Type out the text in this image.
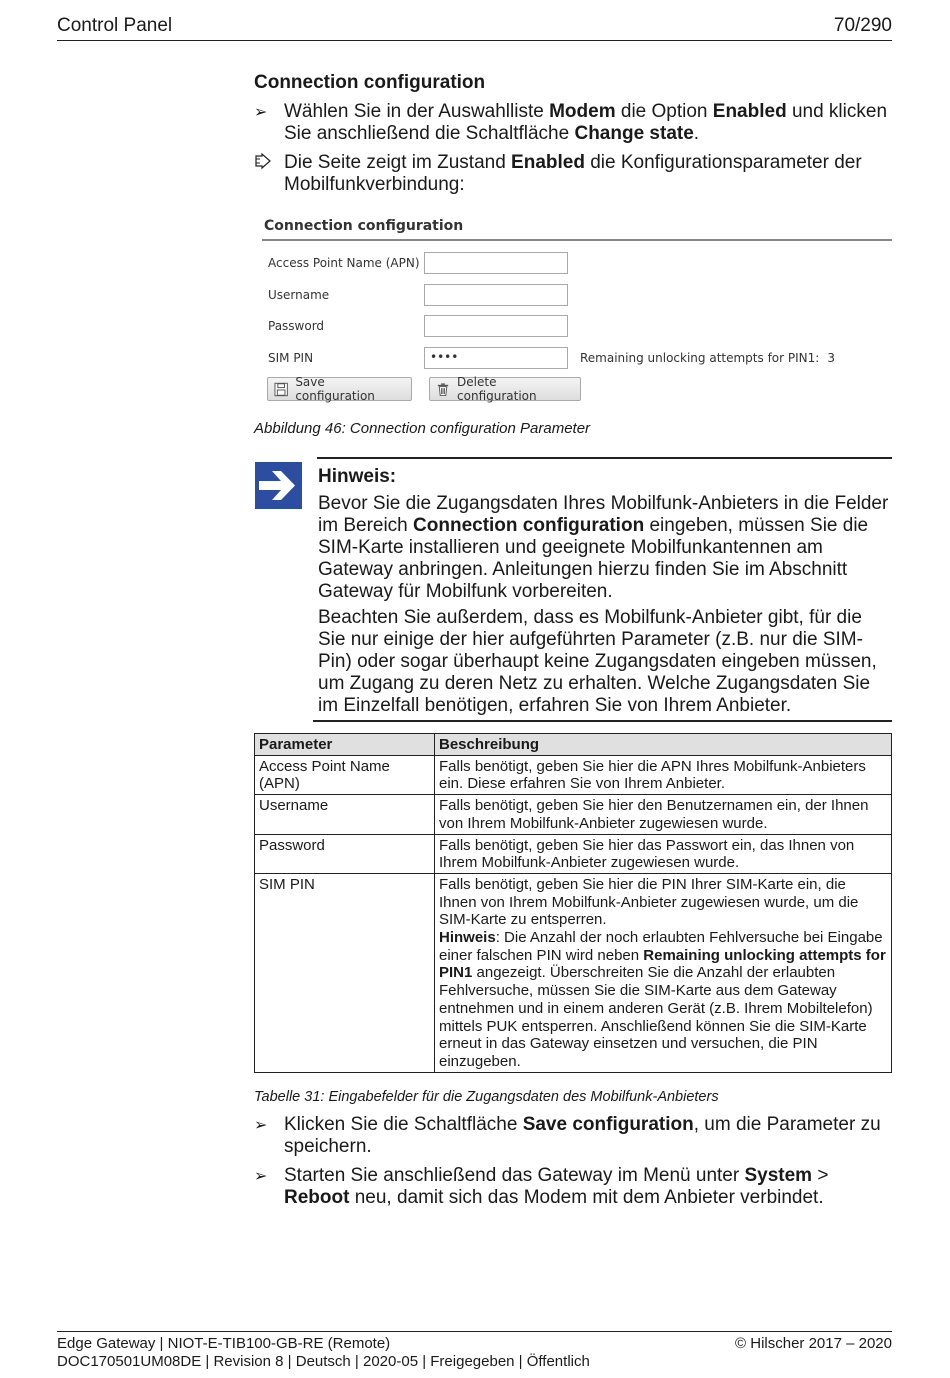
Control Panel	70/290
Connection configuration
➢ Wählen Sie in der Auswahlliste Modem die Option Enabled und klicken Sie anschließend die Schaltfläche Change state.
Die Seite zeigt im Zustand Enabled die Konfigurationsparameter der Mobilfunkverbindung:
Connection configuration
Access Point Name (APN)
Username
Password
SIM PIN	••••	Remaining unlocking attempts for PIN1: 3
Save configuration
Delete configuration
Abbildung 46: Connection configuration Parameter
Hinweis:

Bevor Sie die Zugangsdaten Ihres Mobilfunk-Anbieters in die Felder im Bereich Connection configuration eingeben, müssen Sie die SIM-Karte installieren und geeignete Mobilfunkantennen am Gateway anbringen. Anleitungen hierzu finden Sie im Abschnitt Gateway für Mobilfunk vorbereiten.

Beachten Sie außerdem, dass es Mobilfunk-Anbieter gibt, für die Sie nur einige der hier aufgeführten Parameter (z.B. nur die SIM-Pin) oder sogar überhaupt keine Zugangsdaten eingeben müssen, um Zugang zu deren Netz zu erhalten. Welche Zugangsdaten Sie im Einzelfall benötigen, erfahren Sie von Ihrem Anbieter.

Parameter	Beschreibung
Access Point Name (APN)	Falls benötigt, geben Sie hier die APN Ihres Mobilfunk-Anbieters ein. Diese erfahren Sie von Ihrem Anbieter.
Username	Falls benötigt, geben Sie hier den Benutzernamen ein, der Ihnen von Ihrem Mobilfunk-Anbieter zugewiesen wurde.
Password	Falls benötigt, geben Sie hier das Passwort ein, das Ihnen von Ihrem Mobilfunk-Anbieter zugewiesen wurde.
SIM PIN	Falls benötigt, geben Sie hier die PIN Ihrer SIM-Karte ein, die Ihnen von Ihrem Mobilfunk-Anbieter zugewiesen wurde, um die SIM-Karte zu entsperren.
Hinweis: Die Anzahl der noch erlaubten Fehlversuche bei Eingabe einer falschen PIN wird neben Remaining unlocking attempts for PIN1 angezeigt. Überschreiten Sie die Anzahl der erlaubten Fehlversuche, müssen Sie die SIM-Karte aus dem Gateway entnehmen und in einem anderen Gerät (z.B. Ihrem Mobiltelefon) mittels PUK entsperren. Anschließend können Sie die SIM-Karte erneut in das Gateway einsetzen und versuchen, die PIN einzugeben.
Tabelle 31: Eingabefelder für die Zugangsdaten des Mobilfunk-Anbieters
➢ Klicken Sie die Schaltfläche Save configuration, um die Parameter zu speichern.
➢ Starten Sie anschließend das Gateway im Menü unter System > Reboot neu, damit sich das Modem mit dem Anbieter verbindet.
Edge Gateway | NIOT-E-TIB100-GB-RE (Remote)
DOC170501UM08DE | Revision 8 | Deutsch | 2020-05 | Freigegeben | Öffentlich
© Hilscher 2017 – 2020
